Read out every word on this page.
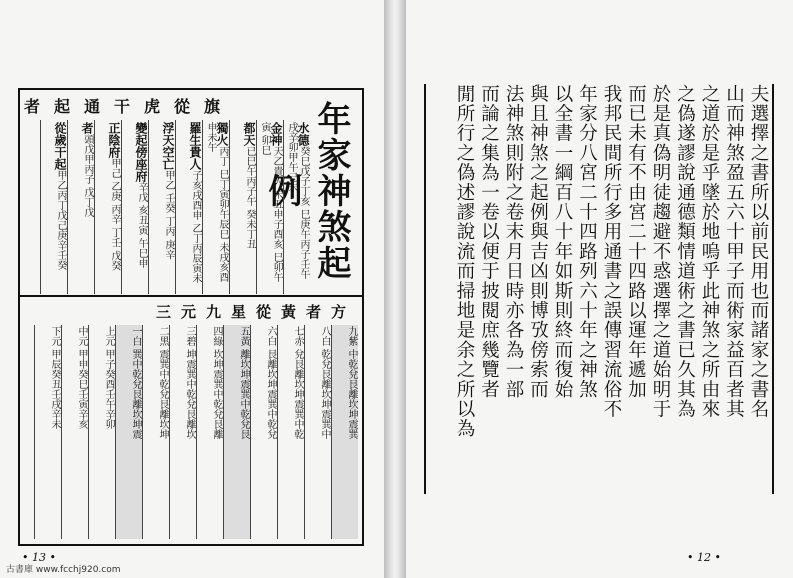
年家神煞起例
者起通干虎從旗
水德癸巳戊子丁亥 巳庚午丙子壬午 戌辛卯甲午己未
金神天乙貴人 未丑申子酉亥 巳卯午寅 卯巳
都天已巳午丙子午 癸未丁丑
獨火丙丁 巳丁寅卯午辰巳 未戌亥酉申未午
羅生貴人子亥戌酉申 乙丁丙辰寅未
浮天空亡甲乙 壬癸 丁丙 庚辛
變起傍座府辛戊 亥丑寅 午巳申
正陰府甲己 乙庚 丙辛 丁壬 戊癸
者頭戊甲丙子 戊丁戊
從歲干起甲乙丙丁戊己庚辛壬癸
三元九星從黃者方
九紫 中乾兌艮離坎坤震巽
八白 乾兌艮離坎坤震巽中
七赤 兌艮離坎坤震巽中乾
六白 艮離坎坤震巽中乾兌
五黃 離坎坤震巽中乾兌艮
四綠 坎坤震巽中乾兌艮離
三碧 坤震巽中乾兌艮離坎
二黑 震巽中乾兌艮離坎坤
一白 巽中乾兌艮離坎坤震
上元 甲子癸酉壬午辛卯
中元 甲申癸巳壬寅辛亥
下元 甲辰癸丑壬戌辛未
• 13 •
夫選擇之書所以前民用也而諸家之書名
山而神煞盈五六十甲子而術家益百者其
之道於是乎墜於地嗚乎此神煞之所由來
之偽遂謬說通德類情道術之書已久其為
於是真偽明徒趨避不惑選擇之道始明于
而已未有不由宮二十四路以運年遞加
我邦民間所行多用通書之誤傳習流俗不
年家分八宮二十四路列六十年之神煞
以全書一綱百八十年如斯則終而復始
與且神煞之起例與吉凶則博攷傍索而
法神煞則附之卷末月日時亦各為一部
而論之集為一卷以便于披閱庶幾覽者
閒所行之偽述謬說流而掃地是余之所以為
• 12 •
古書庫 www.fcchj920.com
